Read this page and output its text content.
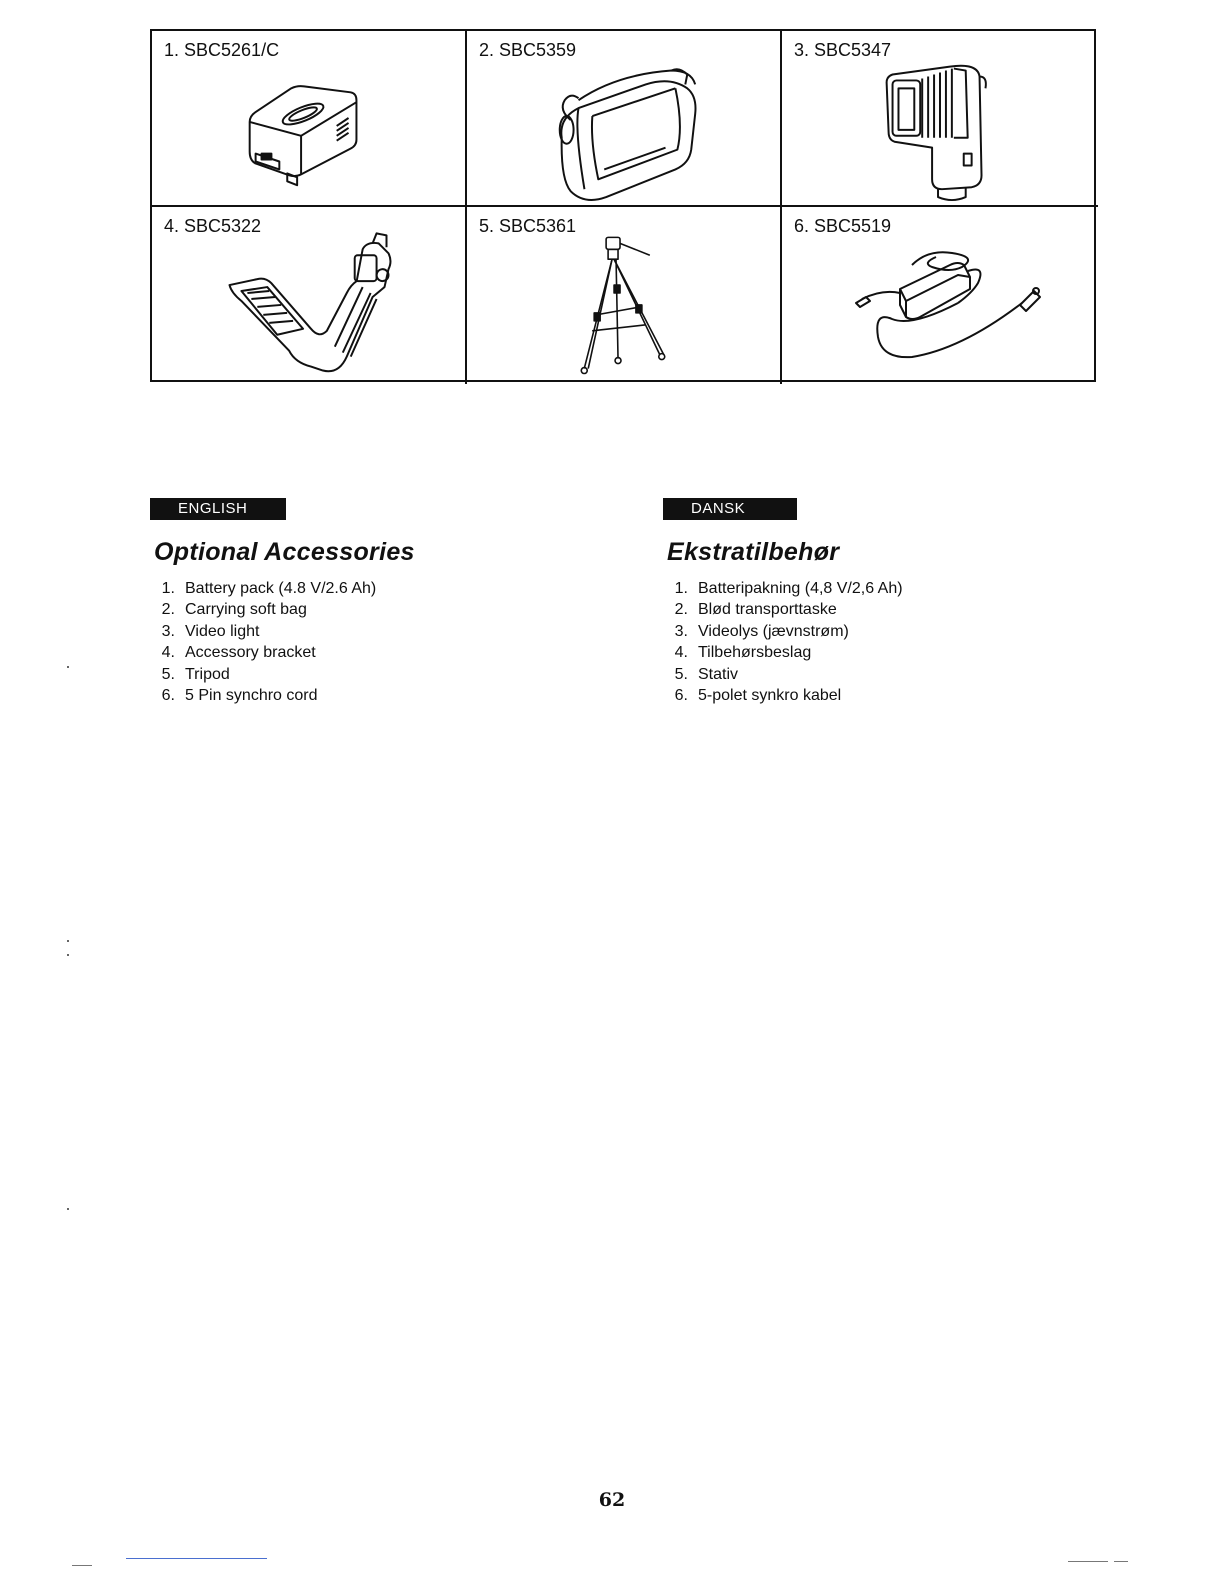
1. SBC5261/C	2. SBC5359	3. SBC5347
4. SBC5322	5. SBC5361	6. SBC5519
ENGLISH
Optional Accessories
1. Battery pack (4.8 V/2.6 Ah)
2. Carrying soft bag
3. Video light
4. Accessory bracket
5. Tripod
6. 5 Pin synchro cord
DANSK
Ekstratilbehør
1. Batteripakning (4,8 V/2,6 Ah)
2. Blød transporttaske
3. Videolys (jævnstrøm)
4. Tilbehørsbeslag
5. Stativ
6. 5-polet synkro kabel
62
